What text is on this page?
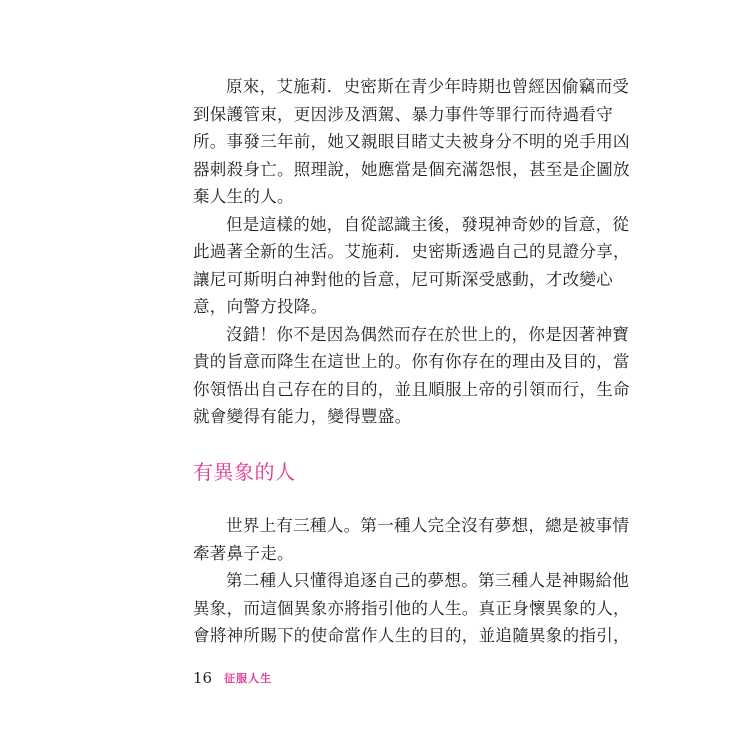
原來，艾施莉．史密斯在青少年時期也曾經因偷竊而受
到保護管束，更因涉及酒駕、暴力事件等罪行而待過看守
所。事發三年前，她又親眼目睹丈夫被身分不明的兇手用凶
器刺殺身亡。照理說，她應當是個充滿怨恨，甚至是企圖放
棄人生的人。
但是這樣的她，自從認識主後，發現神奇妙的旨意，從
此過著全新的生活。艾施莉．史密斯透過自己的見證分享，
讓尼可斯明白神對他的旨意，尼可斯深受感動，才改變心
意，向警方投降。
沒錯！你不是因為偶然而存在於世上的，你是因著神寶
貴的旨意而降生在這世上的。你有你存在的理由及目的，當
你領悟出自己存在的目的，並且順服上帝的引領而行，生命
就會變得有能力，變得豐盛。
有異象的人
世界上有三種人。第一種人完全沒有夢想，總是被事情
牽著鼻子走。
第二種人只懂得追逐自己的夢想。第三種人是神賜給他
異象，而這個異象亦將指引他的人生。真正身懷異象的人，
會將神所賜下的使命當作人生的目的，並追隨異象的指引，
16 征服人生
